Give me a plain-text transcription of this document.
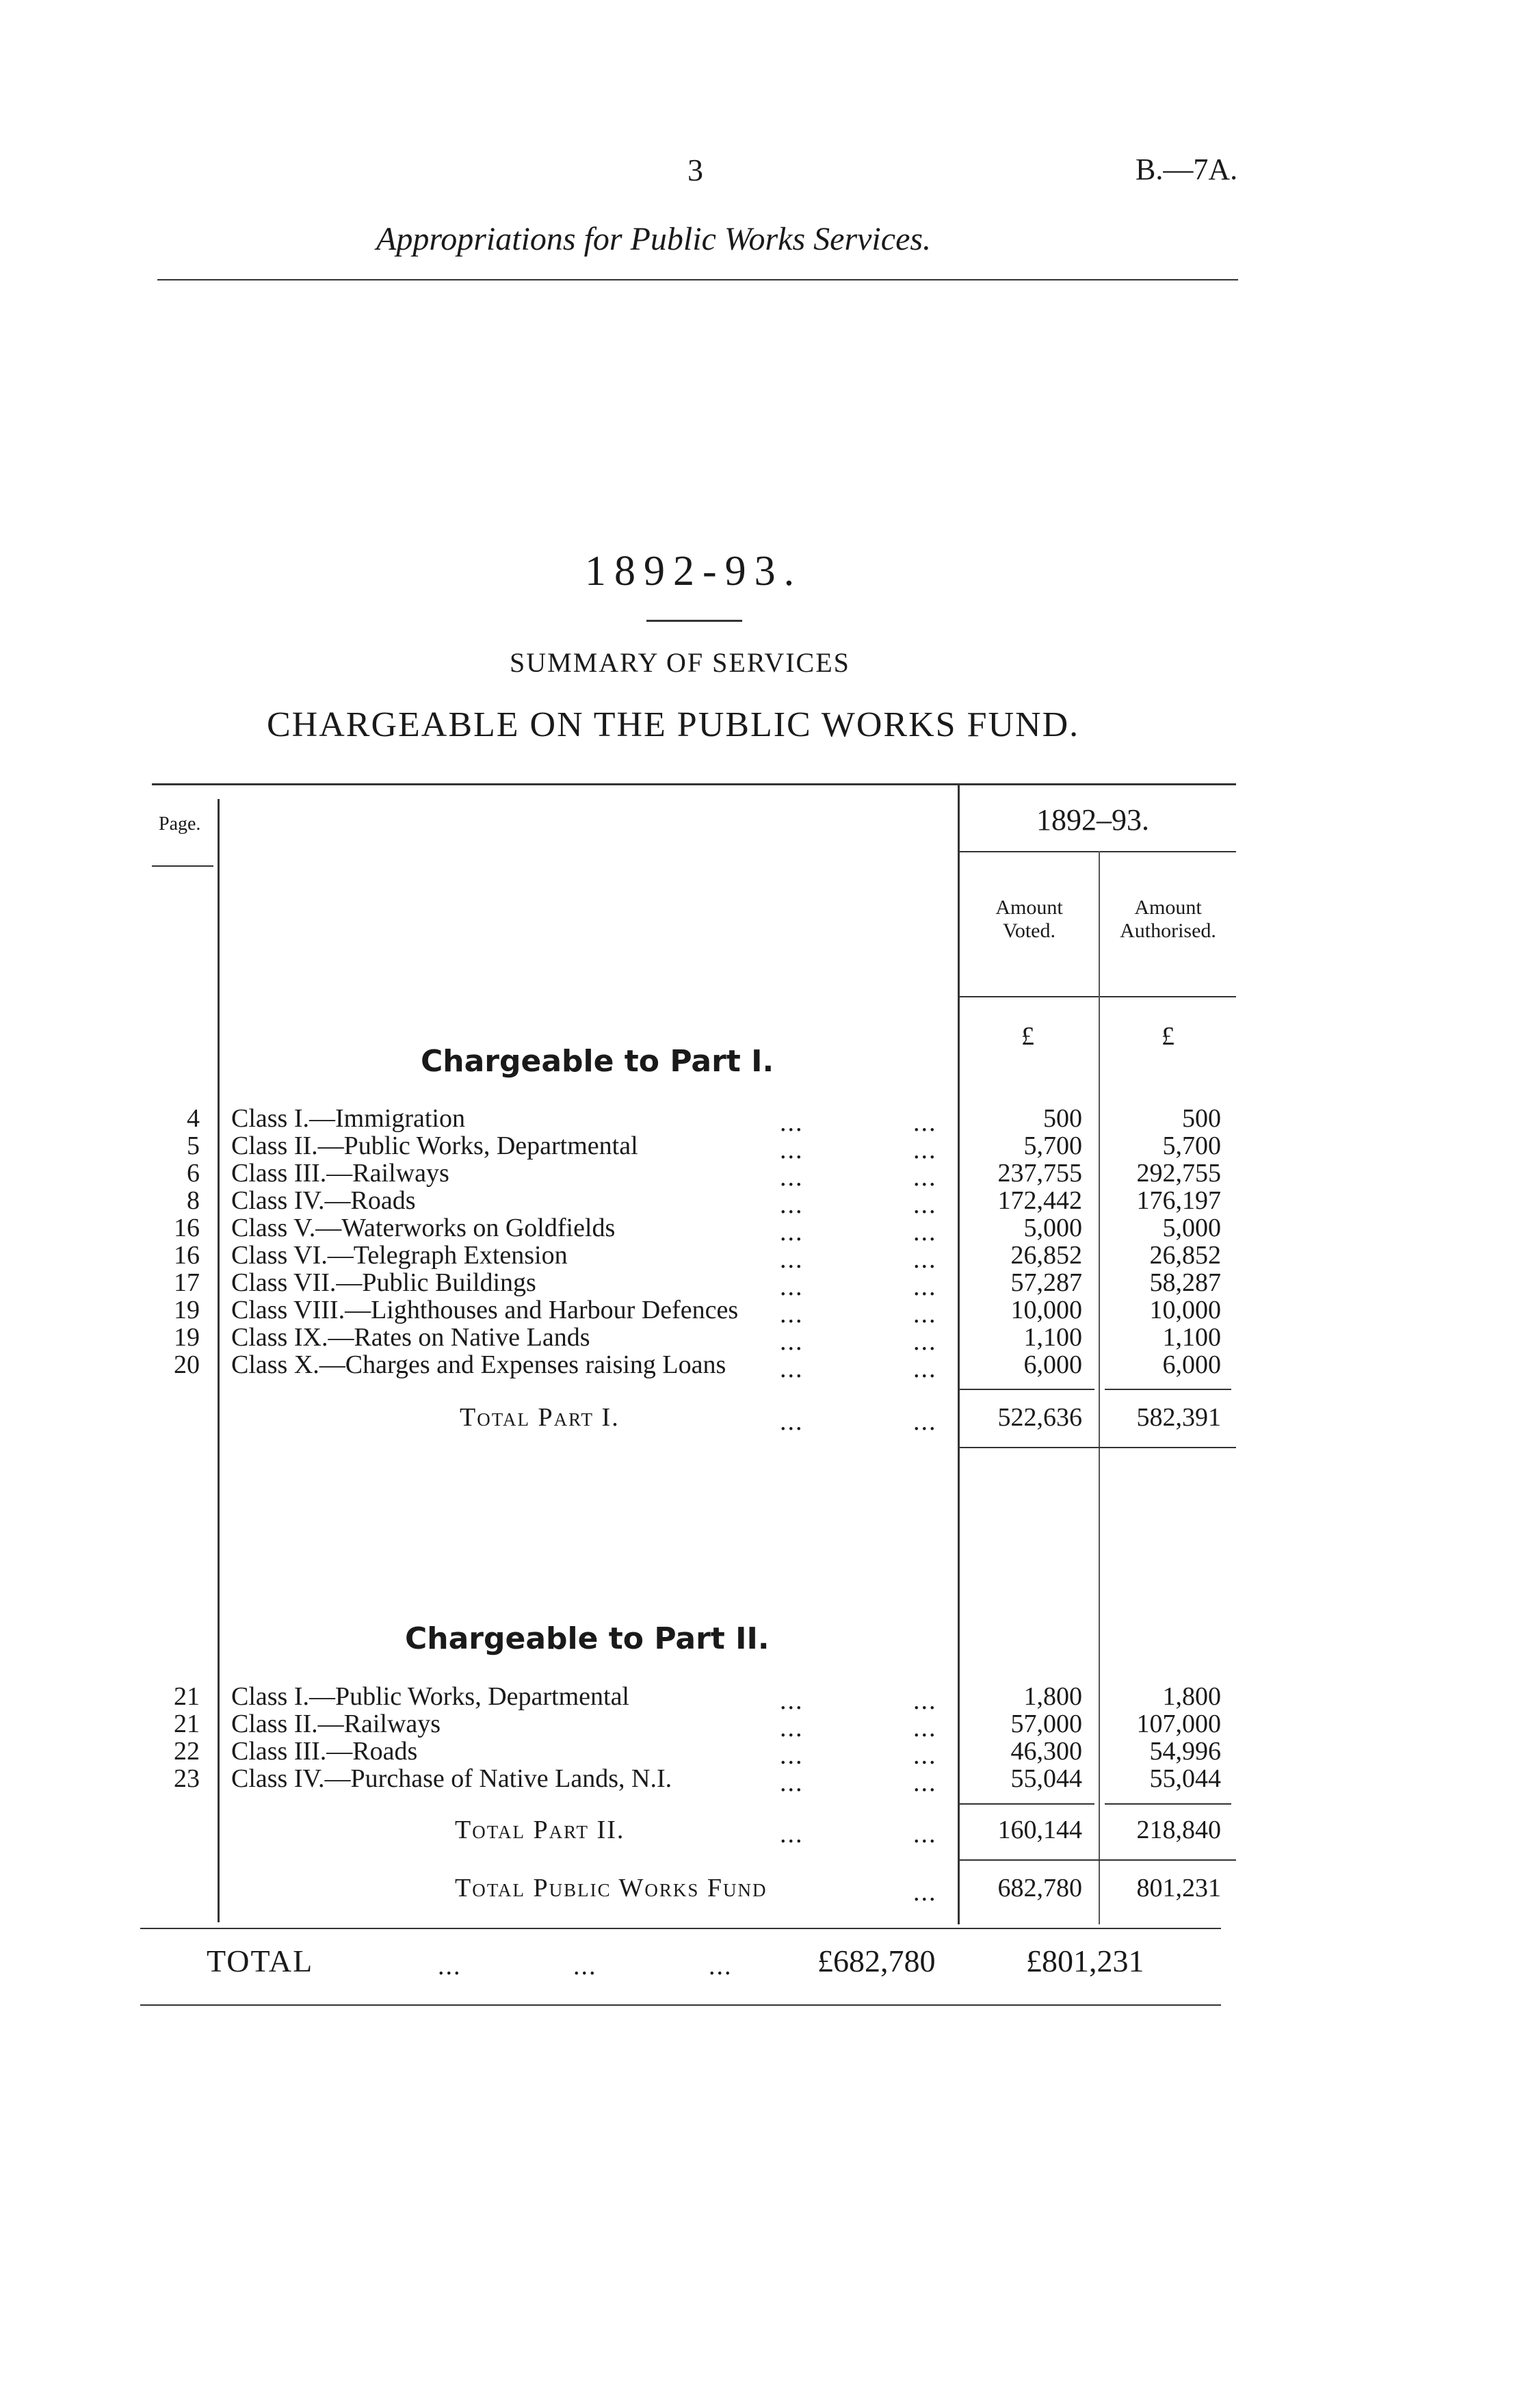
3	B.—7A.
Appropriations for Public Works Services.
1892-93.
SUMMARY OF SERVICES
CHARGEABLE ON THE PUBLIC WORKS FUND.
Page.	1892–93.
Amount Voted.
Amount Authorised.
£	£
Chargeable to Part I.
4 Class I.—Immigration	...	...	500	500
5 Class II.—Public Works, Departmental	...	...	5,700	5,700
6 Class III.—Railways	...	...	237,755	292,755
8 Class IV.—Roads	...	...	172,442	176,197
16 Class V.—Waterworks on Goldfields	...	...	5,000	5,000
16 Class VI.—Telegraph Extension	...	...	26,852	26,852
17 Class VII.—Public Buildings	...	...	57,287	58,287
19 Class VIII.—Lighthouses and Harbour Defences ...	...	10,000	10,000
19 Class IX.—Rates on Native Lands	...	...	1,100	1,100
20 Class X.—Charges and Expenses raising Loans ...	...	6,000	6,000
Total Part I.	...	...	522,636	582,391
Chargeable to Part II.
21 Class I.—Public Works, Departmental	...	...	1,800	1,800
21 Class II.—Railways	...	...	57,000	107,000
22 Class III.—Roads	...	...	46,300	54,996
23 Class IV.—Purchase of Native Lands, N.I.	...	...	55,044	55,044
Total Part II.	...	...	160,144	218,840
Total Public Works Fund	...	682,780	801,231
TOTAL	...	...	...	£682,780	£801,231
